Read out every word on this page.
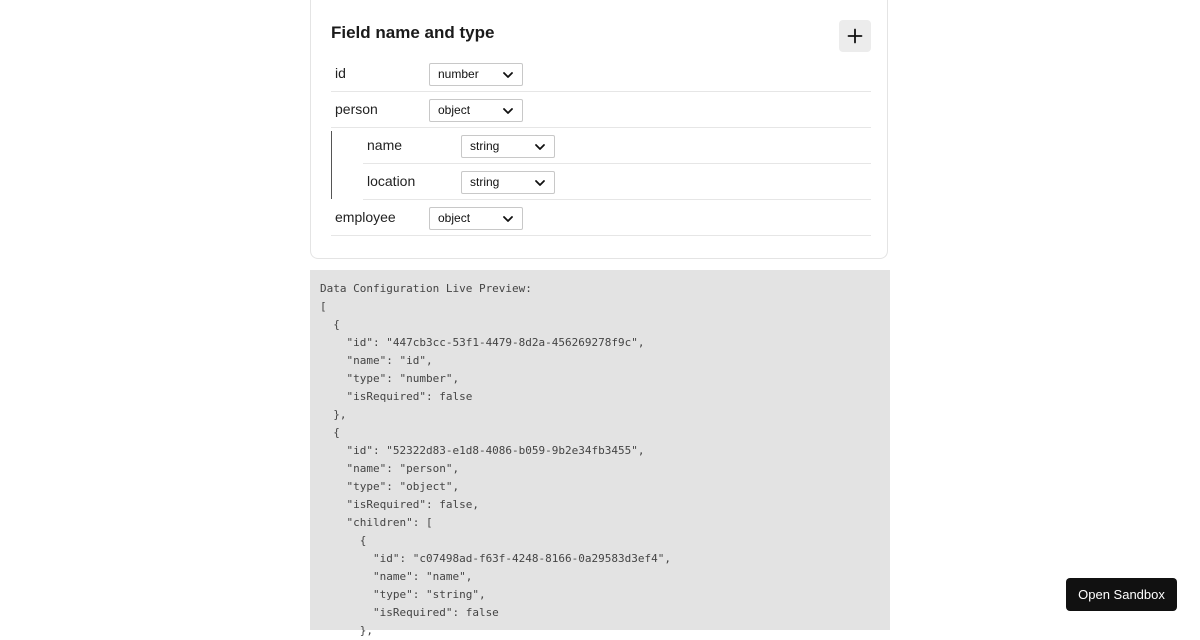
Field name and type
id	number
person	object
name	string
location	string
employee	object
Data Configuration Live Preview:
[
{
"id": "447cb3cc-53f1-4479-8d2a-456269278f9c",
"name": "id",
"type": "number",
"isRequired": false
},
{
"id": "52322d83-e1d8-4086-b059-9b2e34fb3455",
"name": "person",
"type": "object",
"isRequired": false,
"children": [
{
"id": "c07498ad-f63f-4248-8166-0a29583d3ef4",
"name": "name",
"type": "string",
"isRequired": false
},
Open Sandbox
